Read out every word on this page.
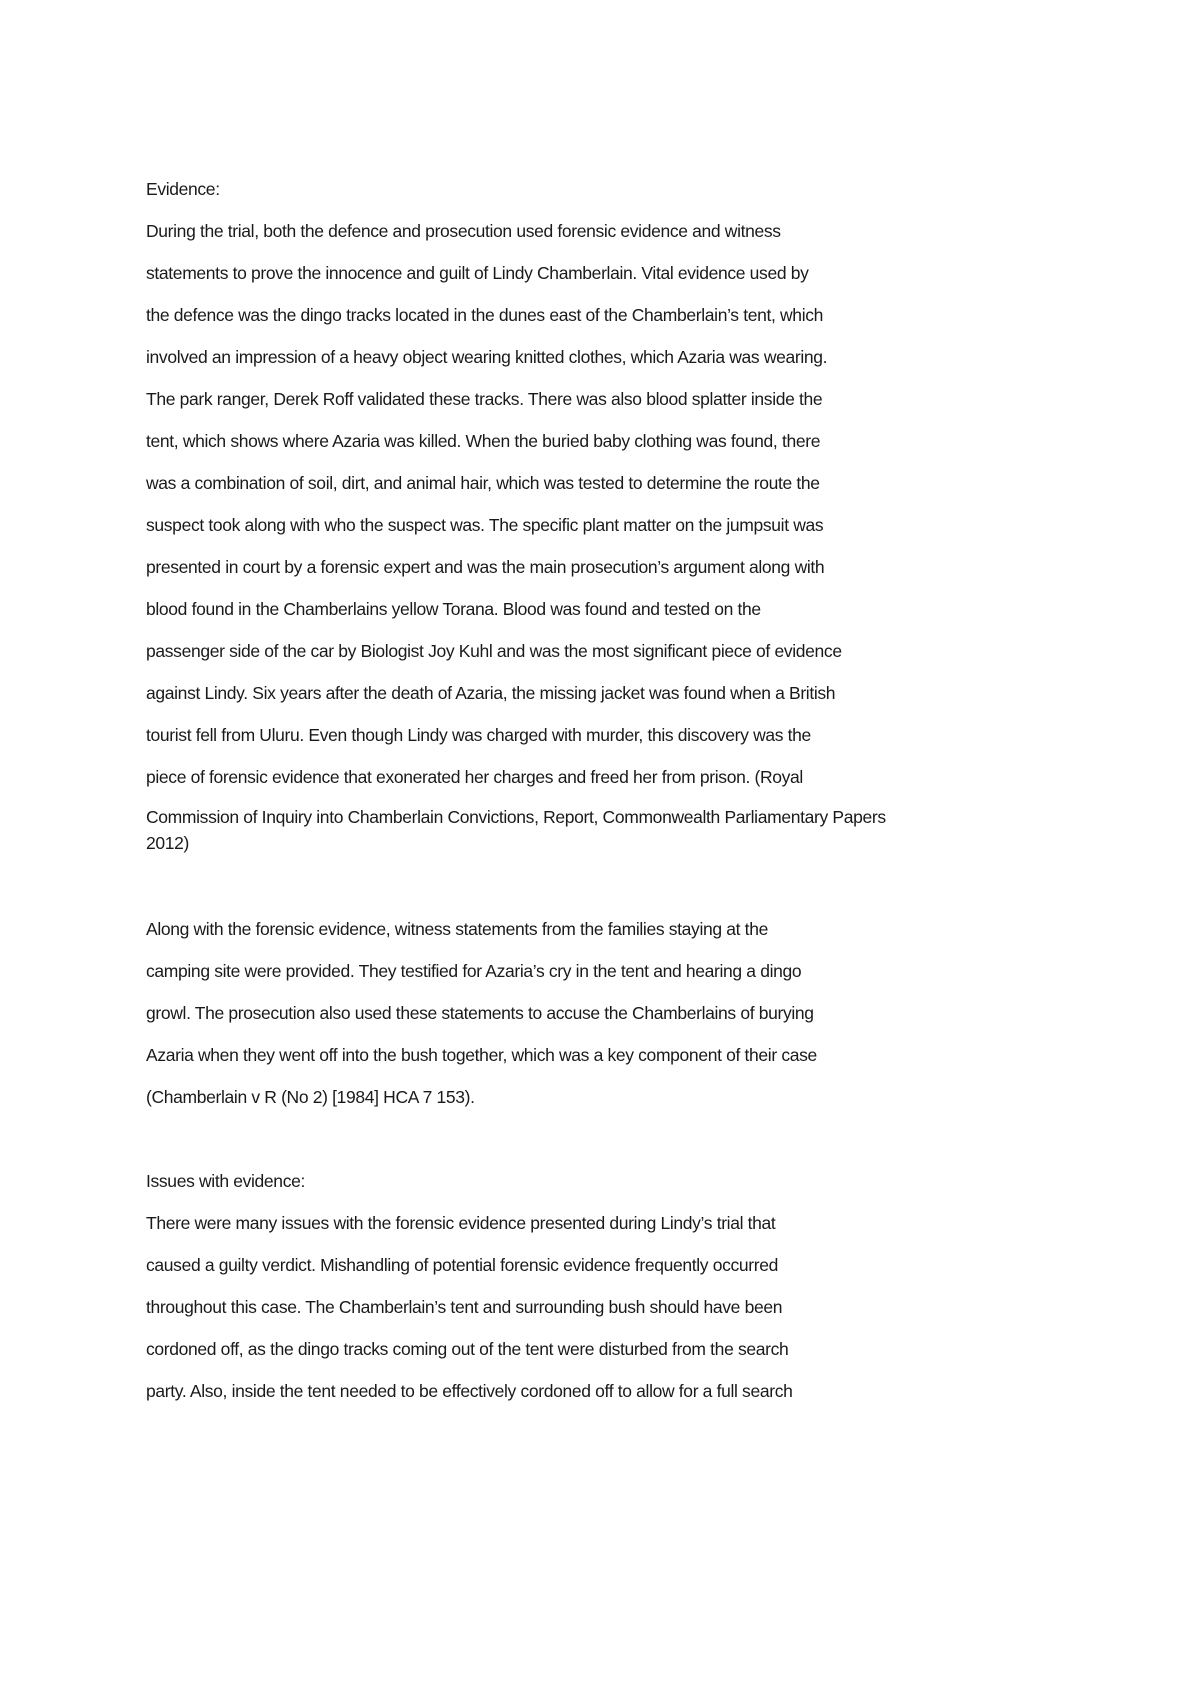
Evidence:
During the trial, both the defence and prosecution used forensic evidence and witness
statements to prove the innocence and guilt of Lindy Chamberlain. Vital evidence used by
the defence was the dingo tracks located in the dunes east of the Chamberlain’s tent, which
involved an impression of a heavy object wearing knitted clothes, which Azaria was wearing.
The park ranger, Derek Roff validated these tracks. There was also blood splatter inside the
tent, which shows where Azaria was killed. When the buried baby clothing was found, there
was a combination of soil, dirt, and animal hair, which was tested to determine the route the
suspect took along with who the suspect was. The specific plant matter on the jumpsuit was
presented in court by a forensic expert and was the main prosecution’s argument along with
blood found in the Chamberlains yellow Torana. Blood was found and tested on the
passenger side of the car by Biologist Joy Kuhl and was the most significant piece of evidence
against Lindy. Six years after the death of Azaria, the missing jacket was found when a British
tourist fell from Uluru. Even though Lindy was charged with murder, this discovery was the
piece of forensic evidence that exonerated her charges and freed her from prison. (Royal
Commission of Inquiry into Chamberlain Convictions, Report, Commonwealth Parliamentary Papers
2012)
Along with the forensic evidence, witness statements from the families staying at the
camping site were provided. They testified for Azaria’s cry in the tent and hearing a dingo
growl. The prosecution also used these statements to accuse the Chamberlains of burying
Azaria when they went off into the bush together, which was a key component of their case
(Chamberlain v R (No 2) [1984] HCA 7 153).
Issues with evidence:
There were many issues with the forensic evidence presented during Lindy’s trial that
caused a guilty verdict. Mishandling of potential forensic evidence frequently occurred
throughout this case. The Chamberlain’s tent and surrounding bush should have been
cordoned off, as the dingo tracks coming out of the tent were disturbed from the search
party. Also, inside the tent needed to be effectively cordoned off to allow for a full search
